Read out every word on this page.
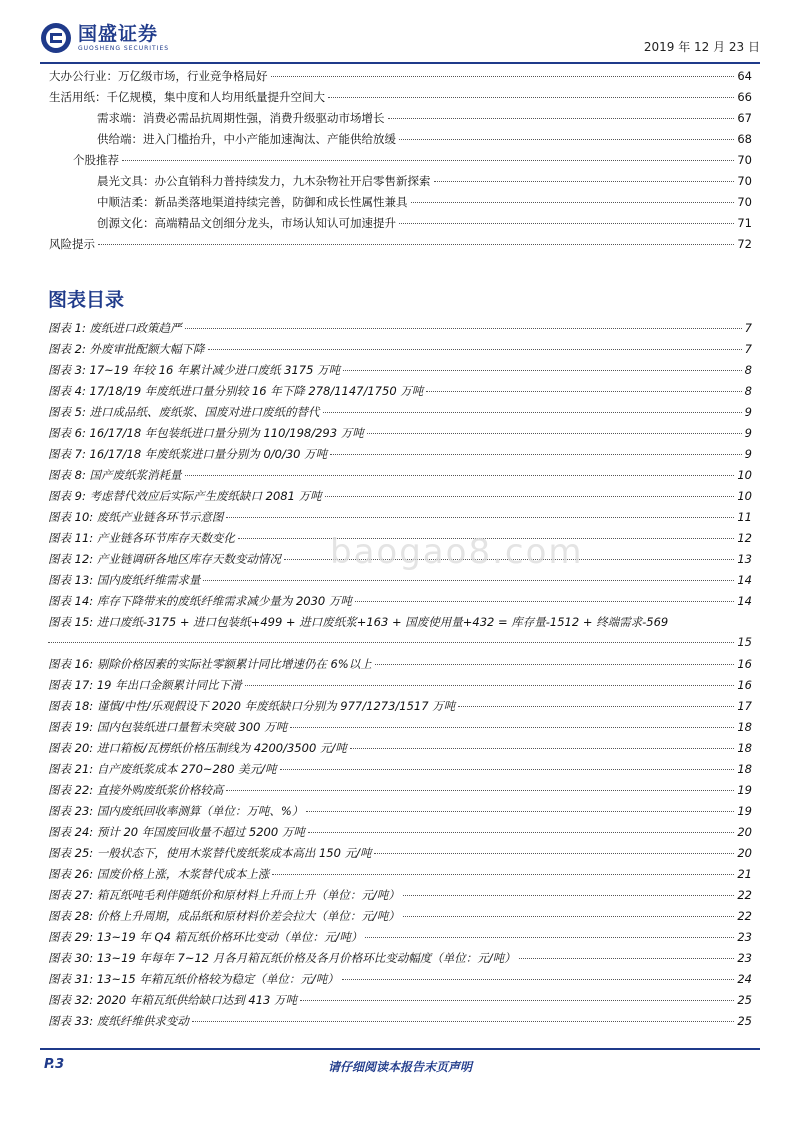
国盛证券
GUOSHENG SECURITIES	2019 年 12 月 23 日
大办公行业：万亿级市场，行业竞争格局好	64
生活用纸：千亿规模，集中度和人均用纸量提升空间大	66
需求端：消费必需品抗周期性强，消费升级驱动市场增长	67
供给端：进入门槛抬升，中小产能加速淘汰、产能供给放缓	68
个股推荐	70
晨光文具：办公直销科力普持续发力，九木杂物社开启零售新探索	70
中顺洁柔：新品类落地渠道持续完善，防御和成长性属性兼具	70
创源文化：高端精品文创细分龙头，市场认知认可加速提升	71
风险提示	72
图表目录
图表 1: 废纸进口政策趋严	7
图表 2: 外废审批配额大幅下降	7
图表 3: 17~19 年较 16 年累计减少进口废纸 3175 万吨	8
图表 4: 17/18/19 年废纸进口量分别较 16 年下降 278/1147/1750 万吨	8
图表 5: 进口成品纸、废纸浆、国废对进口废纸的替代	9
图表 6: 16/17/18 年包装纸进口量分别为 110/198/293 万吨	9
图表 7: 16/17/18 年废纸浆进口量分别为 0/0/30 万吨	9
图表 8: 国产废纸浆消耗量	10
图表 9: 考虑替代效应后实际产生废纸缺口 2081 万吨	10
图表 10: 废纸产业链各环节示意图	11
图表 11: 产业链各环节库存天数变化	12
图表 12: 产业链调研各地区库存天数变动情况	13
图表 13: 国内废纸纤维需求量	14
图表 14: 库存下降带来的废纸纤维需求减少量为 2030 万吨	14
图表 15: 进口废纸-3175 + 进口包装纸+499 + 进口废纸浆+163 + 国废使用量+432 = 库存量-1512 + 终端需求-569
15
图表 16: 剔除价格因素的实际社零额累计同比增速仍在 6%以上	16
图表 17: 19 年出口金额累计同比下滑	16
图表 18: 谨慎/中性/乐观假设下 2020 年废纸缺口分别为 977/1273/1517 万吨	17
图表 19: 国内包装纸进口量暂未突破 300 万吨	18
图表 20: 进口箱板/瓦楞纸价格压制线为 4200/3500 元/吨	18
图表 21: 自产废纸浆成本 270~280 美元/吨	18
图表 22: 直接外购废纸浆价格较高	19
图表 23: 国内废纸回收率测算（单位：万吨、%）	19
图表 24: 预计 20 年国废回收量不超过 5200 万吨	20
图表 25: 一般状态下，使用木浆替代废纸浆成本高出 150 元/吨	20
图表 26: 国废价格上涨，木浆替代成本上涨	21
图表 27: 箱瓦纸吨毛利伴随纸价和原材料上升而上升（单位：元/吨）	22
图表 28: 价格上升周期，成品纸和原材料价差会拉大（单位：元/吨）	22
图表 29: 13~19 年 Q4 箱瓦纸价格环比变动（单位：元/吨）	23
图表 30: 13~19 年每年 7~12 月各月箱瓦纸价格及各月价格环比变动幅度（单位：元/吨）	23
图表 31: 13~15 年箱瓦纸价格较为稳定（单位：元/吨）	24
图表 32: 2020 年箱瓦纸供给缺口达到 413 万吨	25
图表 33: 废纸纤维供求变动	25
baogao8.com
P.3	请仔细阅读本报告末页声明
